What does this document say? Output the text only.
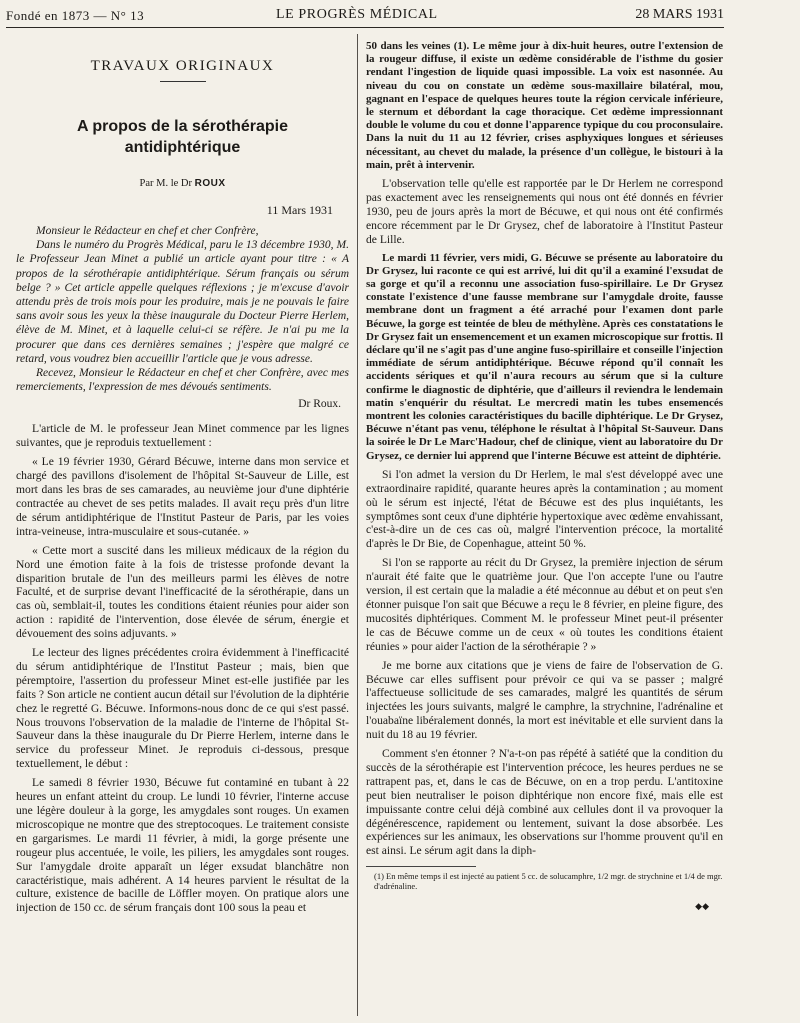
Fondé en 1873 — N° 13	LE PROGRÈS MÉDICAL	28 MARS 1931
TRAVAUX ORIGINAUX
A propos de la sérothérapie
antidiphtérique
Par M. le Dr ROUX
11 Mars 1931

Monsieur le Rédacteur en chef et cher Confrère,

Dans le numéro du Progrès Médical, paru le 13 décembre 1930, M. le Professeur Jean Minet a publié un article ayant pour titre : « A propos de la sérothérapie antidiphtérique. Sérum français ou sérum belge ? » Cet article appelle quelques réflexions ; je m'excuse d'avoir attendu près de trois mois pour les produire, mais je ne pouvais le faire sans avoir sous les yeux la thèse inaugurale du Docteur Pierre Herlem, élève de M. Minet, et à laquelle celui-ci se réfère. Je n'ai pu me la procurer que dans ces dernières semaines ; j'espère que malgré ce retard, vous voudrez bien accueillir l'article que je vous adresse.

Recevez, Monsieur le Rédacteur en chef et cher Confrère, avec mes remerciements, l'expression de mes dévoués sentiments.

Dr Roux.

L'article de M. le professeur Jean Minet commence par les lignes suivantes, que je reproduis textuellement :

« Le 19 février 1930, Gérard Bécuwe, interne dans mon service et chargé des pavillons d'isolement de l'hôpital St-Sauveur de Lille, est mort dans les bras de ses camarades, au neuvième jour d'une diphtérie contractée au chevet de ses petits malades. Il avait reçu près d'un litre de sérum antidiphtérique de l'Institut Pasteur de Paris, par les voies intra-veineuse, intra-musculaire et sous-cutanée. »

« Cette mort a suscité dans les milieux médicaux de la région du Nord une émotion faite à la fois de tristesse profonde devant la disparition brutale de l'un des meilleurs parmi les élèves de notre Faculté, et de surprise devant l'inefficacité de la sérothérapie, dans un cas où, semblait-il, toutes les conditions étaient réunies pour aider son action : rapidité de l'intervention, dose élevée de sérum, énergie et dévouement des soins adjuvants. »

Le lecteur des lignes précédentes croira évidemment à l'inefficacité du sérum antidiphtérique de l'Institut Pasteur ; mais, bien que péremptoire, l'assertion du professeur Minet est-elle justifiée par les faits ? Son article ne contient aucun détail sur l'évolution de la diphtérie chez le regretté G. Bécuwe. Informons-nous donc de ce qui s'est passé. Nous trouvons l'observation de la maladie de l'interne de l'hôpital St-Sauveur dans la thèse inaugurale du Dr Pierre Herlem, interne dans le service du professeur Minet. Je reproduis ci-dessous, presque textuellement, le début :

Le samedi 8 février 1930, Bécuwe fut contaminé en tubant à 22 heures un enfant atteint du croup. Le lundi 10 février, l'interne accuse une légère douleur à la gorge, les amygdales sont rouges. Un examen microscopique ne montre que des streptocoques. Le traitement consiste en gargarismes. Le mardi 11 février, à midi, la gorge présente une rougeur plus accentuée, le voile, les piliers, les amygdales sont rouges. Sur l'amygdale droite apparaît un léger exsudat blanchâtre non caractéristique, mais adhérent. A 14 heures parvient le résultat de la culture, existence de bacille de Löffler moyen. On pratique alors une injection de 150 cc. de sérum français dont 100 sous la peau et

50 dans les veines (1). Le même jour à dix-huit heures, outre l'extension de la rougeur diffuse, il existe un œdème considérable de l'isthme du gosier rendant l'ingestion de liquide quasi impossible. La voix est nasonnée. Au niveau du cou on constate un œdème sous-maxillaire bilatéral, mou, gagnant en l'espace de quelques heures toute la région cervicale inférieure, le sternum et débordant la cage thoracique. Cet œdème impressionnant double le volume du cou et donne l'apparence typique du cou proconsulaire. Dans la nuit du 11 au 12 février, crises asphyxiques longues et sérieuses nécessitant, au chevet du malade, la présence d'un collègue, le bistouri à la main, prêt à intervenir.

L'observation telle qu'elle est rapportée par le Dr Herlem ne correspond pas exactement avec les renseignements qui nous ont été donnés en février 1930, peu de jours après la mort de Bécuwe, et qui nous ont été confirmés encore récemment par le Dr Grysez, chef de laboratoire à l'Institut Pasteur de Lille.

Le mardi 11 février, vers midi, G. Bécuwe se présente au laboratoire du Dr Grysez, lui raconte ce qui est arrivé, lui dit qu'il a examiné l'exsudat de sa gorge et qu'il a reconnu une association fuso-spirillaire. Le Dr Grysez constate l'existence d'une fausse membrane sur l'amygdale droite, fausse membrane dont un fragment a été arraché pour l'examen dont parle Bécuwe, la gorge est teintée de bleu de méthylène. Après ces constatations le Dr Grysez fait un ensemencement et un examen microscopique sur frottis. Il déclare qu'il ne s'agit pas d'une angine fuso-spirillaire et conseille l'injection immédiate de sérum antidiphtérique. Bécuwe répond qu'il connaît les accidents sériques et qu'il n'aura recours au sérum que si la culture confirme le diagnostic de diphtérie, que d'ailleurs il reviendra le lendemain matin s'enquérir du résultat. Le mercredi matin les tubes ensemencés montrent les colonies caractéristiques du bacille diphtérique. Le Dr Grysez, Bécuwe n'étant pas venu, téléphone le résultat à l'hôpital St-Sauveur. Dans la soirée le Dr Le Marc'Hadour, chef de clinique, vient au laboratoire du Dr Grysez, ce dernier lui apprend que l'interne Bécuwe est atteint de diphtérie.

Si l'on admet la version du Dr Herlem, le mal s'est développé avec une extraordinaire rapidité, quarante heures après la contamination ; au moment où le sérum est injecté, l'état de Bécuwe est des plus inquiétants, les symptômes sont ceux d'une diphtérie hypertoxique avec œdème envahissant, c'est-à-dire un de ces cas où, malgré l'intervention précoce, la mortalité d'après le Dr Bie, de Copenhague, atteint 50 %.

Si l'on se rapporte au récit du Dr Grysez, la première injection de sérum n'aurait été faite que le quatrième jour. Que l'on accepte l'une ou l'autre version, il est certain que la maladie a été méconnue au début et on peut s'en étonner puisque l'on sait que Bécuwe a reçu le 8 février, en pleine figure, des mucosités diphtériques. Comment M. le professeur Minet peut-il présenter le cas de Bécuwe comme un de ceux « où toutes les conditions étaient réunies » pour aider l'action de la sérothérapie ? »

Je me borne aux citations que je viens de faire de l'observation de G. Bécuwe car elles suffisent pour prévoir ce qui va se passer ; malgré l'affectueuse sollicitude de ses camarades, malgré les quantités de sérum injectées les jours suivants, malgré le camphre, la strychnine, l'adrénaline et l'ouabaïne libéralement donnés, la mort est inévitable et elle survient dans la nuit du 18 au 19 février.

Comment s'en étonner ? N'a-t-on pas répété à satiété que la condition du succès de la sérothérapie est l'intervention précoce, les heures perdues ne se rattrapent pas, et, dans le cas de Bécuwe, on en a trop perdu. L'antitoxine peut bien neutraliser le poison diphtérique non encore fixé, mais elle est impuissante contre celui déjà combiné aux cellules dont il va provoquer la dégénérescence, rapidement ou lentement, suivant la dose absorbée. Les expériences sur les animaux, les observations sur l'homme prouvent qu'il en est ainsi. Le sérum agit dans la diph-

(1) En même temps il est injecté au patient 5 cc. de solucamphre, 1/2 mgr. de strychnine et 1/4 de mgr. d'adrénaline.
◆◆
